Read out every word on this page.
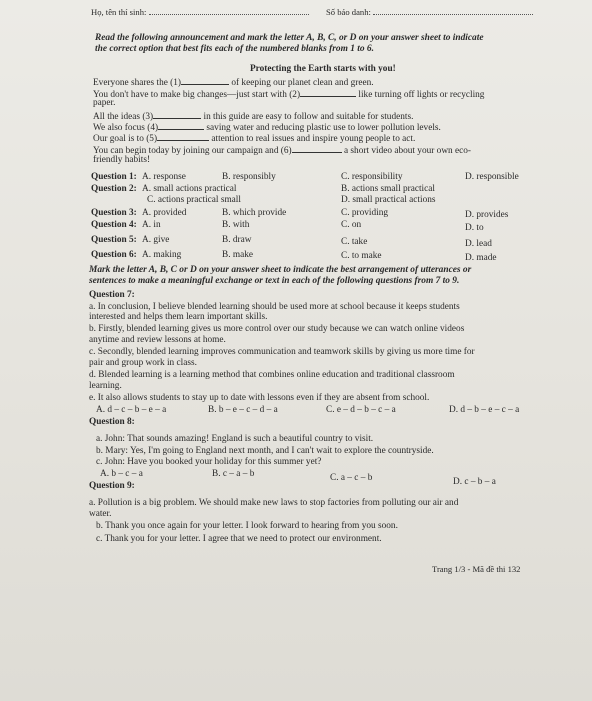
Họ, tên thí sinh:	Số báo danh:
Read the following announcement and mark the letter A, B, C, or D on your answer sheet to indicate
the correct option that best fits each of the numbered blanks from 1 to 6.
Protecting the Earth starts with you!
Everyone shares the (1)	of keeping our planet clean and green.
You don't have to make big changes—just start with (2)	like turning off lights or recycling
paper.
All the ideas (3)	in this guide are easy to follow and suitable for students.
We also focus (4)	saving water and reducing plastic use to lower pollution levels.
Our goal is to (5)	attention to real issues and inspire young people to act.
You can begin today by joining our campaign and (6)	a short video about your own eco-
friendly habits!
Question 1: A. response	B. responsibly	C. responsibility	D. responsible
Question 2: A. small actions practical	B. actions small practical
C. actions practical small	D. small practical actions
Question 3: A. provided	B. which provide	C. providing	D. provides
Question 4: A. in	B. with	C. on	D. to
Question 5: A. give	B. draw	C. take	D. lead
Question 6: A. making	B. make	C. to make	D. made
Mark the letter A, B, C or D on your answer sheet to indicate the best arrangement of utterances or
sentences to make a meaningful exchange or text in each of the following questions from 7 to 9.
Question 7:
a. In conclusion, I believe blended learning should be used more at school because it keeps students
interested and helps them learn important skills.
b. Firstly, blended learning gives us more control over our study because we can watch online videos
anytime and review lessons at home.
c. Secondly, blended learning improves communication and teamwork skills by giving us more time for
pair and group work in class.
d. Blended learning is a learning method that combines online education and traditional classroom
learning.
e. It also allows students to stay up to date with lessons even if they are absent from school.
A. d – c – b – e – a	B. b – e – c – d – a	C. e – d – b – c – a	D. d – b – e – c – a
Question 8:
a. John: That sounds amazing! England is such a beautiful country to visit.
b. Mary: Yes, I'm going to England next month, and I can't wait to explore the countryside.
c. John: Have you booked your holiday for this summer yet?
A. b – c – a	B. c – a – b	C. a – c – b	D. c – b – a
Question 9:
a. Pollution is a big problem. We should make new laws to stop factories from polluting our air and
water.
b. Thank you once again for your letter. I look forward to hearing from you soon.
c. Thank you for your letter. I agree that we need to protect our environment.
Trang 1/3 - Mã đề thi 132
